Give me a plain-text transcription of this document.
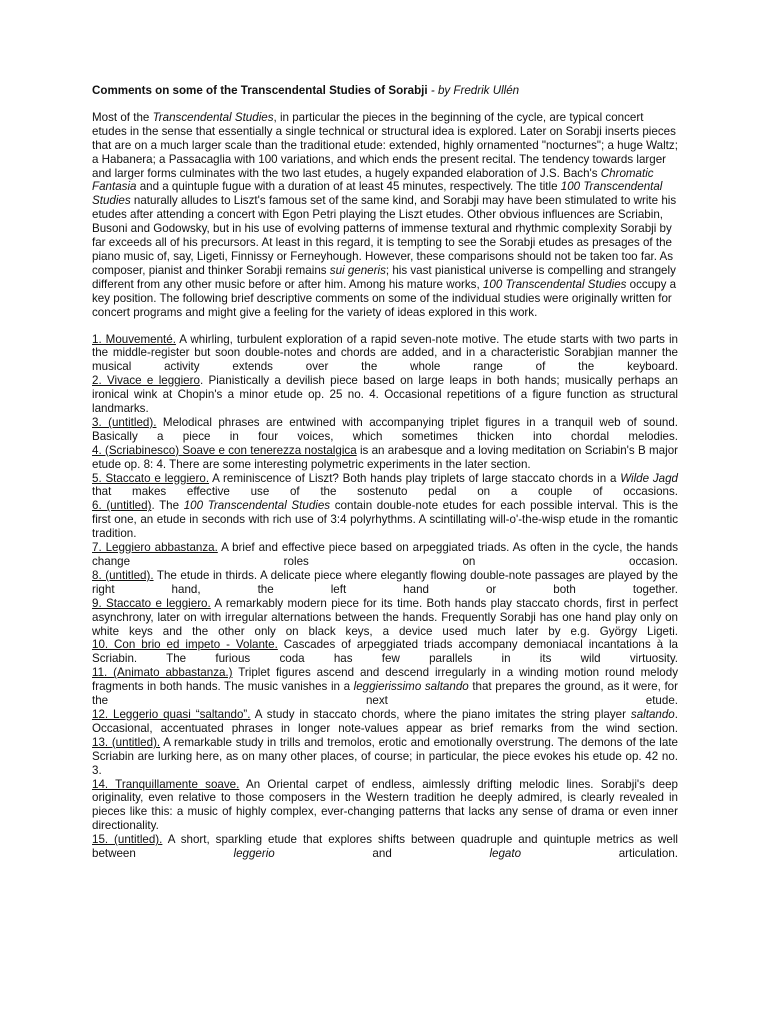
Comments on some of the Transcendental Studies of Sorabji - by Fredrik Ullén

Most of the Transcendental Studies, in particular the pieces in the beginning of the cycle, are typical concert etudes in the sense that essentially a single technical or structural idea is explored. Later on Sorabji inserts pieces that are on a much larger scale than the traditional etude: extended, highly ornamented "nocturnes"; a huge Waltz; a Habanera; a Passacaglia with 100 variations, and which ends the present recital. The tendency towards larger and larger forms culminates with the two last etudes, a hugely expanded elaboration of J.S. Bach's Chromatic Fantasia and a quintuple fugue with a duration of at least 45 minutes, respectively. The title 100 Transcendental Studies naturally alludes to Liszt's famous set of the same kind, and Sorabji may have been stimulated to write his etudes after attending a concert with Egon Petri playing the Liszt etudes. Other obvious influences are Scriabin, Busoni and Godowsky, but in his use of evolving patterns of immense textural and rhythmic complexity Sorabji by far exceeds all of his precursors. At least in this regard, it is tempting to see the Sorabji etudes as presages of the piano music of, say, Ligeti, Finnissy or Ferneyhough. However, these comparisons should not be taken too far. As composer, pianist and thinker Sorabji remains sui generis; his vast pianistical universe is compelling and strangely different from any other music before or after him. Among his mature works, 100 Transcendental Studies occupy a key position. The following brief descriptive comments on some of the individual studies were originally written for concert programs and might give a feeling for the variety of ideas explored in this work.

1. Mouvementé. A whirling, turbulent exploration of a rapid seven-note motive. The etude starts with two parts in the middle-register but soon double-notes and chords are added, and in a characteristic Sorabjian manner the musical activity extends over the whole range of the keyboard.

2. Vivace e leggiero. Pianistically a devilish piece based on large leaps in both hands; musically perhaps an ironical wink at Chopin's a minor etude op. 25 no. 4. Occasional repetitions of a figure function as structural landmarks.

3. (untitled). Melodical phrases are entwined with accompanying triplet figures in a tranquil web of sound. Basically a piece in four voices, which sometimes thicken into chordal melodies.

4. (Scriabinesco) Soave e con tenerezza nostalgica is an arabesque and a loving meditation on Scriabin's B major etude op. 8: 4. There are some interesting polymetric experiments in the later section.

5. Staccato e leggiero. A reminiscence of Liszt? Both hands play triplets of large staccato chords in a Wilde Jagd that makes effective use of the sostenuto pedal on a couple of occasions.

6. (untitled). The 100 Transcendental Studies contain double-note etudes for each possible interval. This is the first one, an etude in seconds with rich use of 3:4 polyrhythms. A scintillating will-o'-the-wisp etude in the romantic tradition.

7. Leggiero abbastanza. A brief and effective piece based on arpeggiated triads. As often in the cycle, the hands change roles on occasion.

8. (untitled). The etude in thirds. A delicate piece where elegantly flowing double-note passages are played by the right hand, the left hand or both together.

9. Staccato e leggiero. A remarkably modern piece for its time. Both hands play staccato chords, first in perfect asynchrony, later on with irregular alternations between the hands. Frequently Sorabji has one hand play only on white keys and the other only on black keys, a device used much later by e.g. György Ligeti.

10. Con brio ed impeto - Volante. Cascades of arpeggiated triads accompany demoniacal incantations à la Scriabin. The furious coda has few parallels in its wild virtuosity.

11. (Animato abbastanza.) Triplet figures ascend and descend irregularly in a winding motion round melody fragments in both hands. The music vanishes in a leggierissimo saltando that prepares the ground, as it were, for the next etude.

12. Leggerio quasi “saltando”. A study in staccato chords, where the piano imitates the string player saltando. Occasional, accentuated phrases in longer note-values appear as brief remarks from the wind section.

13. (untitled). A remarkable study in trills and tremolos, erotic and emotionally overstrung. The demons of the late Scriabin are lurking here, as on many other places, of course; in particular, the piece evokes his etude op. 42 no. 3.

14. Tranquillamente soave. An Oriental carpet of endless, aimlessly drifting melodic lines. Sorabji's deep originality, even relative to those composers in the Western tradition he deeply admired, is clearly revealed in pieces like this: a music of highly complex, ever-changing patterns that lacks any sense of drama or even inner directionality.

15. (untitled). A short, sparkling etude that explores shifts between quadruple and quintuple metrics as well between leggerio and legato articulation.
